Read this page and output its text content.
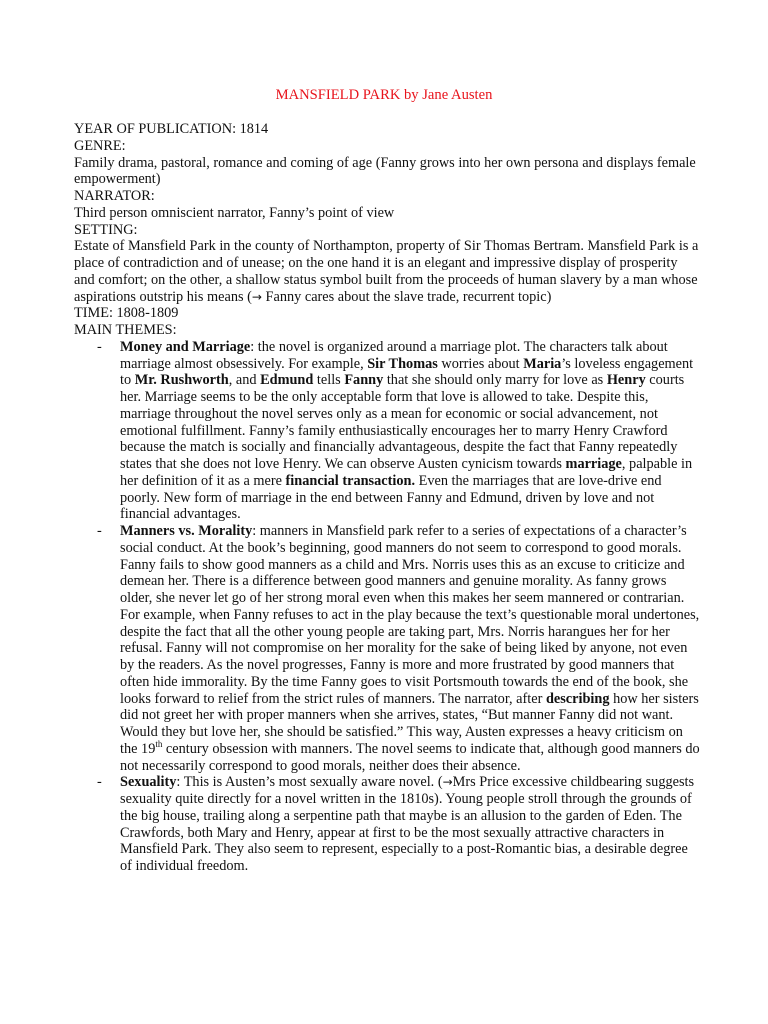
MANSFIELD PARK by Jane Austen

YEAR OF PUBLICATION: 1814

GENRE:

Family drama, pastoral, romance and coming of age (Fanny grows into her own persona and displays female empowerment)

NARRATOR:

Third person omniscient narrator, Fanny’s point of view

SETTING:

Estate of Mansfield Park in the county of Northampton, property of Sir Thomas Bertram. Mansfield Park is a place of contradiction and of unease; on the one hand it is an elegant and impressive display of prosperity and comfort; on the other, a shallow status symbol built from the proceeds of human slavery by a man whose aspirations outstrip his means (→ Fanny cares about the slave trade, recurrent topic)

TIME: 1808-1809

MAIN THEMES:

- Money and Marriage: the novel is organized around a marriage plot. The characters talk about marriage almost obsessively. For example, Sir Thomas worries about Maria’s loveless engagement to Mr. Rushworth, and Edmund tells Fanny that she should only marry for love as Henry courts her. Marriage seems to be the only acceptable form that love is allowed to take. Despite this, marriage throughout the novel serves only as a mean for economic or social advancement, not emotional fulfillment. Fanny’s family enthusiastically encourages her to marry Henry Crawford because the match is socially and financially advantageous, despite the fact that Fanny repeatedly states that she does not love Henry. We can observe Austen cynicism towards marriage, palpable in her definition of it as a mere financial transaction. Even the marriages that are love-drive end poorly. New form of marriage in the end between Fanny and Edmund, driven by love and not financial advantages.
- Manners vs. Morality: manners in Mansfield park refer to a series of expectations of a character’s social conduct. At the book’s beginning, good manners do not seem to correspond to good morals. Fanny fails to show good manners as a child and Mrs. Norris uses this as an excuse to criticize and demean her. There is a difference between good manners and genuine morality. As fanny grows older, she never let go of her strong moral even when this makes her seem mannered or contrarian. For example, when Fanny refuses to act in the play because the text’s questionable moral undertones, despite the fact that all the other young people are taking part, Mrs. Norris harangues her for her refusal. Fanny will not compromise on her morality for the sake of being liked by anyone, not even by the readers. As the novel progresses, Fanny is more and more frustrated by good manners that often hide immorality. By the time Fanny goes to visit Portsmouth towards the end of the book, she looks forward to relief from the strict rules of manners. The narrator, after describing how her sisters did not greet her with proper manners when she arrives, states, “But manner Fanny did not want. Would they but love her, she should be satisfied.” This way, Austen expresses a heavy criticism on the 19th century obsession with manners. The novel seems to indicate that, although good manners do not necessarily correspond to good morals, neither does their absence.
- Sexuality: This is Austen’s most sexually aware novel. (→Mrs Price excessive childbearing suggests sexuality quite directly for a novel written in the 1810s). Young people stroll through the grounds of the big house, trailing along a serpentine path that maybe is an allusion to the garden of Eden. The Crawfords, both Mary and Henry, appear at first to be the most sexually attractive characters in Mansfield Park. They also seem to represent, especially to a post-Romantic bias, a desirable degree of individual freedom.
